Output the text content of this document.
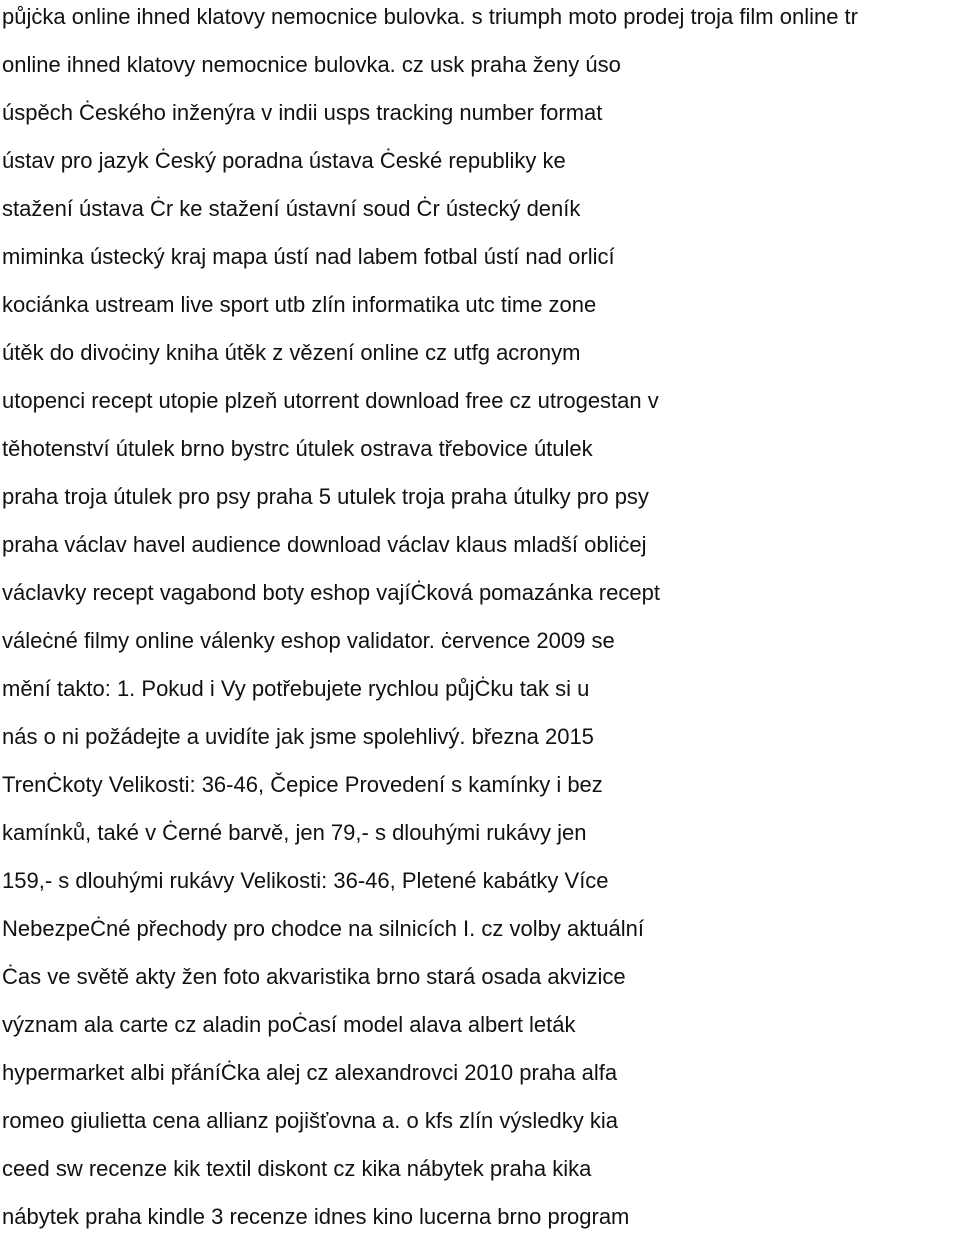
půjċka online ihned klatovy nemocnice bulovka. s triumph moto prodej troja film online tr
online ihned klatovy nemocnice bulovka. cz usk praha ženy úso
úspěch Ċeského inženýra v indii usps tracking number format
ústav pro jazyk Ċeský poradna ústava Ċeské republiky ke
stažení ústava Ċr ke stažení ústavní soud Ċr ústecký deník
miminka ústecký kraj mapa ústí nad labem fotbal ústí nad orlicí
kociánka ustream live sport utb zlín informatika utc time zone
útěk do divoċiny kniha útěk z vězení online cz utfg acronym
utopenci recept utopie plzeň utorrent download free cz utrogestan v
těhotenství útulek brno bystrc útulek ostrava třebovice útulek
praha troja útulek pro psy praha 5 utulek troja praha útulky pro psy
praha václav havel audience download václav klaus mladší obliċej
václavky recept vagabond boty eshop vajíĊková pomazánka recept
váleċné filmy online válenky eshop validator. ċervence 2009 se
mění takto: 1. Pokud i Vy potřebujete rychlou půjĊku tak si u
nás o ni požádejte a uvidíte jak jsme spolehlivý. března 2015
TrenĊkoty Velikosti: 36-46, Čepice Provedení s kamínky i bez
kamínků, také v Ċerné barvě, jen 79,- s dlouhými rukávy jen
159,- s dlouhými rukávy Velikosti: 36-46, Pletené kabátky Více
NebezpeĊné přechody pro chodce na silnicích I. cz volby aktuální
Ċas ve světě akty žen foto akvaristika brno stará osada akvizice
význam ala carte cz aladin poĊasí model alava albert leták
hypermarket albi přáníĊka alej cz alexandrovci 2010 praha alfa
romeo giulietta cena allianz pojišťovna a. o kfs zlín výsledky kia
ceed sw recenze kik textil diskont cz kika nábytek praha kika
nábytek praha kindle 3 recenze idnes kino lucerna brno program
